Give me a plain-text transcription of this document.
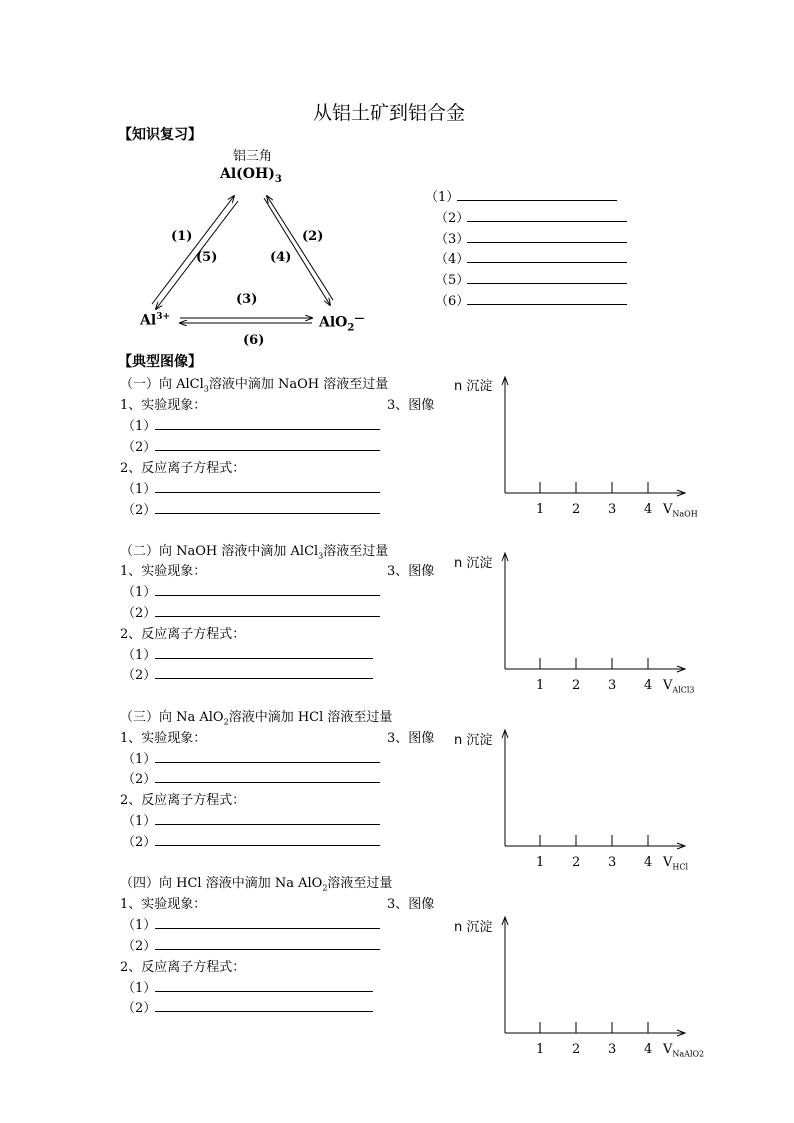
从铝土矿到铝合金
【知识复习】
铝三角
$Al(OH)_3$
$Al^{3+}$	AlO$_2$—
(1)	(2)
(3)
(4)
(5)
(6)
（1）
（2）
（3）
（4）
（5）
（6）
【典型图像】
（一）向 AlCl$_3$溶液中滴加 NaOH 溶液至过量
1、实验现象：	3、图像
（1）
（2）
2、反应离子方程式：
（1）
（2）
n 沉淀
1 2 3 4 $V_{NaOH}$
（二）向 NaOH 溶液中滴加 AlCl$_3$溶液至过量
1、实验现象：	3、图像
（1）
（2）
2、反应离子方程式：
（1）
（2）
n 沉淀
1 2 3 4 $V_{AlCl3}$
（三）向 Na AlO$_2$溶液中滴加 HCl 溶液至过量
1、实验现象：	3、图像
（1）
（2）
2、反应离子方程式：
（1）
（2）
n 沉淀
1 2 3 4 $V_{HCl}$
（四）向 HCl 溶液中滴加 Na AlO$_2$溶液至过量
1、实验现象：	3、图像
（1）
（2）
2、反应离子方程式：
（1）
（2）
n 沉淀
1 2 3 4 $V_{NaAlO2}$
